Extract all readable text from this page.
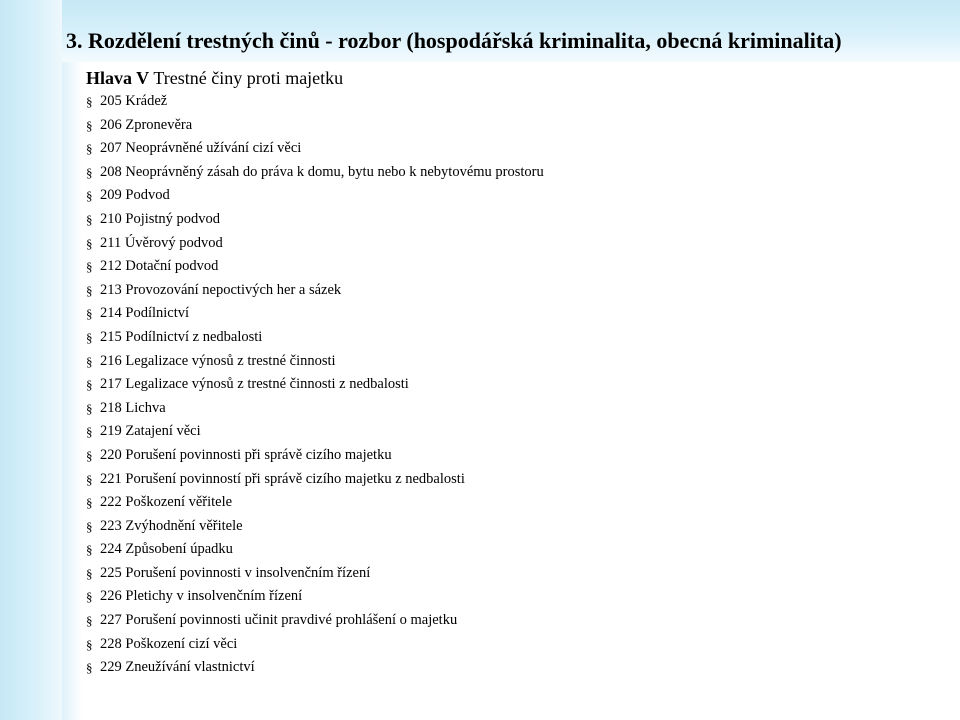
3. Rozdělení trestných činů - rozbor (hospodářská kriminalita, obecná kriminalita)
Hlava V Trestné činy proti majetku
§ 205 Krádež
§ 206 Zpronevěra
§ 207 Neoprávněné užívání cizí věci
§ 208 Neoprávněný zásah do práva k domu, bytu nebo k nebytovému prostoru
§ 209 Podvod
§ 210 Pojistný podvod
§ 211 Úvěrový podvod
§ 212 Dotační podvod
§ 213 Provozování nepoctivých her a sázek
§ 214 Podílnictví
§ 215 Podílnictví z nedbalosti
§ 216 Legalizace výnosů z trestné činnosti
§ 217 Legalizace výnosů z trestné činnosti z nedbalosti
§ 218 Lichva
§ 219 Zatajení věci
§ 220 Porušení povinnosti při správě cizího majetku
§ 221 Porušení povinností při správě cizího majetku z nedbalosti
§ 222 Poškození věřitele
§ 223 Zvýhodnění věřitele
§ 224 Způsobení úpadku
§ 225 Porušení povinnosti v insolvenčním řízení
§ 226 Pletichy v insolvenčním řízení
§ 227 Porušení povinnosti učinit pravdivé prohlášení o majetku
§ 228 Poškození cizí věci
§ 229 Zneužívání vlastnictví
